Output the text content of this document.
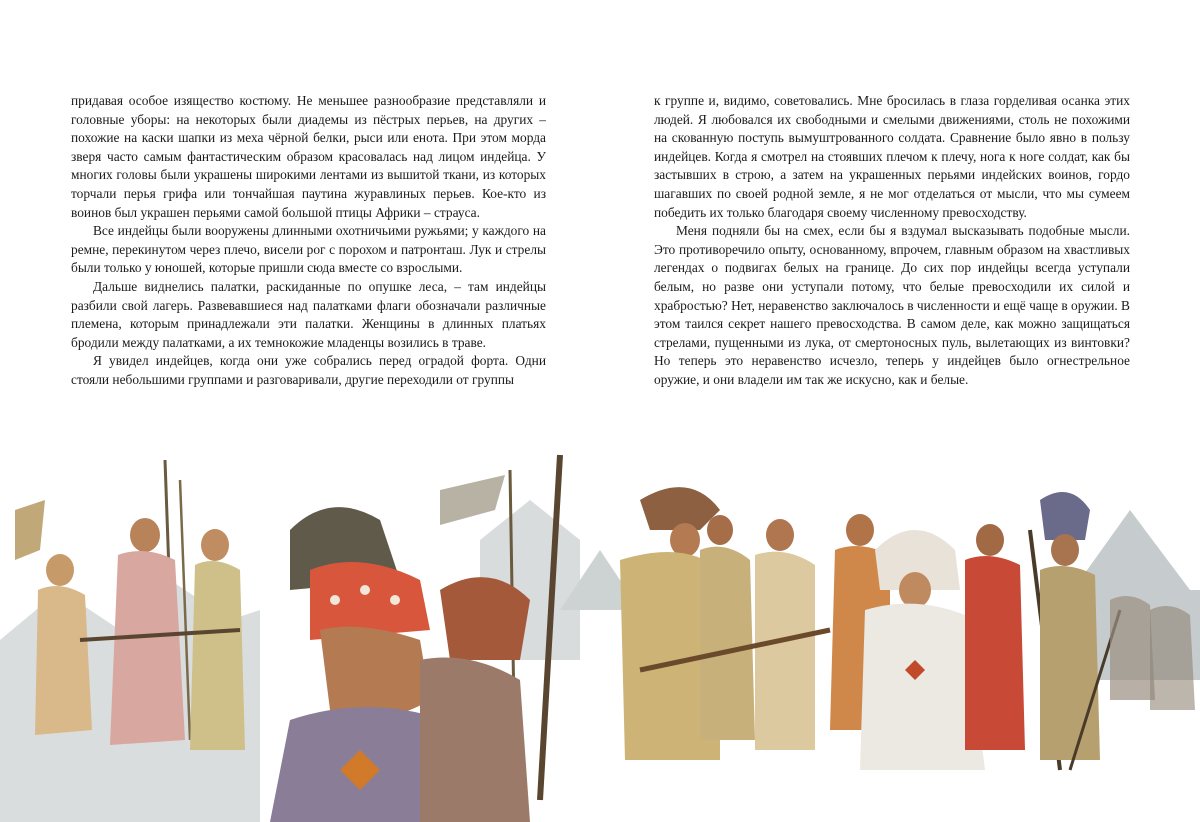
придавая особое изящество костюму. Не меньшее разнообразие представляли и головные уборы: на некоторых были диадемы из пёстрых перьев, на других – похожие на каски шапки из меха чёрной белки, рыси или енота. При этом морда зверя часто самым фантастическим образом красовалась над лицом индейца. У многих головы были украшены широкими лентами из вышитой ткани, из которых торчали перья грифа или тончайшая паутина журавлиных перьев. Кое-кто из воинов был украшен перьями самой большой птицы Африки – страуса.

Все индейцы были вооружены длинными охотничьими ружьями; у каждого на ремне, перекинутом через плечо, висели рог с порохом и патронташ. Лук и стрелы были только у юношей, которые пришли сюда вместе со взрослыми.

Дальше виднелись палатки, раскиданные по опушке леса, – там индейцы разбили свой лагерь. Развевавшиеся над палатками флаги обозначали различные племена, которым принадлежали эти палатки. Женщины в длинных платьях бродили между палатками, а их темнокожие младенцы возились в траве.

Я увидел индейцев, когда они уже собрались перед оградой форта. Одни стояли небольшими группами и разговаривали, другие переходили от группы

к группе и, видимо, советовались. Мне бросилась в глаза горделивая осанка этих людей. Я любовался их свободными и смелыми движениями, столь не похожими на скованную поступь вымуштрованного солдата. Сравнение было явно в пользу индейцев. Когда я смотрел на стоявших плечом к плечу, нога к ноге солдат, как бы застывших в строю, а затем на украшенных перьями индейских воинов, гордо шагавших по своей родной земле, я не мог отделаться от мысли, что мы сумеем победить их только благодаря своему численному превосходству.

Меня подняли бы на смех, если бы я вздумал высказывать подобные мысли. Это противоречило опыту, основанному, впрочем, главным образом на хвастливых легендах о подвигах белых на границе. До сих пор индейцы всегда уступали белым, но разве они уступали потому, что белые превосходили их силой и храбростью? Нет, неравенство заключалось в численности и ещё чаще в оружии. В этом таился секрет нашего превосходства. В самом деле, как можно защищаться стрелами, пущенными из лука, от смертоносных пуль, вылетающих из винтовки? Но теперь это неравенство исчезло, теперь у индейцев было огнестрельное оружие, и они владели им так же искусно, как и белые.
